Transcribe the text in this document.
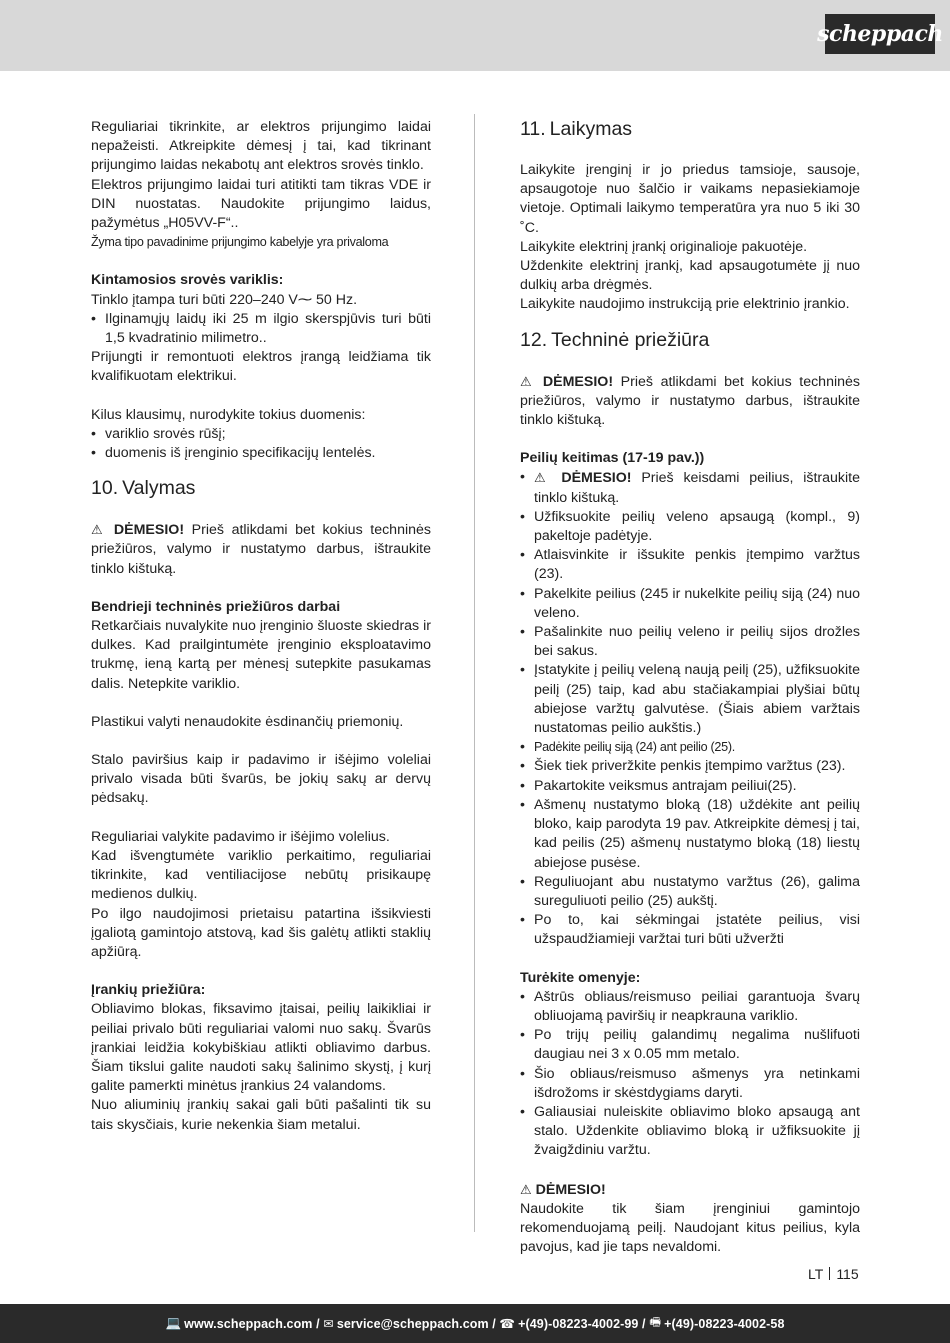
scheppach

Reguliariai tikrinkite, ar elektros prijungimo laidai nepažeisti. Atkreipkite dėmesį į tai, kad tikrinant prijungimo laidas nekabotų ant elektros srovės tinklo.

Elektros prijungimo laidai turi atitikti tam tikras VDE ir DIN nuostatas. Naudokite prijungimo laidus, pažymėtus „H05VV-F“..

Žyma tipo pavadinime prijungimo kabelyje yra privaloma

Kintamosios srovės variklis:

Tinklo įtampa turi būti 220–240 V⁓ 50 Hz.

• Ilginamųjų laidų iki 25 m ilgio skerspjūvis turi būti 1,5 kvadratinio milimetro..

Prijungti ir remontuoti elektros įrangą leidžiama tik kvalifikuotam elektrikui.

Kilus klausimų, nurodykite tokius duomenis:

• variklio srovės rūšį;
• duomenis iš įrenginio specifikacijų lentelės.
10. Valymas

⚠ DĖMESIO! Prieš atlikdami bet kokius techninės priežiūros, valymo ir nustatymo darbus, ištraukite tinklo kištuką.

Bendrieji techninės priežiūros darbai

Retkarčiais nuvalykite nuo įrenginio šluoste skiedras ir dulkes. Kad prailgintumėte įrenginio eksploatavimo trukmę, ieną kartą per mėnesį sutepkite pasukamas dalis. Netepkite variklio.

Plastikui valyti nenaudokite ėsdinančių priemonių.

Stalo paviršius kaip ir padavimo ir išėjimo voleliai privalo visada būti švarūs, be jokių sakų ar dervų pėdsakų.

Reguliariai valykite padavimo ir išėjimo volelius.

Kad išvengtumėte variklio perkaitimo, reguliariai tikrinkite, kad ventiliacijose nebūtų prisikaupę medienos dulkių.

Po ilgo naudojimosi prietaisu patartina išsikviesti įgaliotą gamintojo atstovą, kad šis galėtų atlikti staklių apžiūrą.

Įrankių priežiūra:

Obliavimo blokas, fiksavimo įtaisai, peilių laikikliai ir peiliai privalo būti reguliariai valomi nuo sakų. Švarūs įrankiai leidžia kokybiškiau atlikti obliavimo darbus. Šiam tikslui galite naudoti sakų šalinimo skystį, į kurį galite pamerkti minėtus įrankius 24 valandoms.

Nuo aliuminių įrankių sakai gali būti pašalinti tik su tais skysčiais, kurie nekenkia šiam metalui.

11. Laikymas

Laikykite įrenginį ir jo priedus tamsioje, sausoje, apsaugotoje nuo šalčio ir vaikams nepasiekiamoje vietoje. Optimali laikymo temperatūra yra nuo 5 iki 30 ˚C.

Laikykite elektrinį įrankį originalioje pakuotėje.

Uždenkite elektrinį įrankį, kad apsaugotumėte jį nuo dulkių arba drėgmės.

Laikykite naudojimo instrukciją prie elektrinio įrankio.

12. Techninė priežiūra

⚠ DĖMESIO! Prieš atlikdami bet kokius techninės priežiūros, valymo ir nustatymo darbus, ištraukite tinklo kištuką.

Peilių keitimas (17-19 pav.))

• ⚠ DĖMESIO! Prieš keisdami peilius, ištraukite tinklo kištuką.
• Užfiksuokite peilių veleno apsaugą (kompl., 9) pakeltoje padėtyje.
• Atlaisvinkite ir išsukite penkis įtempimo varžtus (23).
• Pakelkite peilius (245 ir nukelkite peilių siją (24) nuo veleno.
• Pašalinkite nuo peilių veleno ir peilių sijos drožles bei sakus.
• Įstatykite į peilių veleną naują peilį (25), užfiksuokite peilį (25) taip, kad abu stačiakampiai plyšiai būtų abiejose varžtų galvutėse. (Šiais abiem varžtais nustatomas peilio aukštis.)
• Padėkite peilių siją (24) ant peilio (25).
• Šiek tiek priveržkite penkis įtempimo varžtus (23).
• Pakartokite veiksmus antrajam peiliui(25).
• Ašmenų nustatymo bloką (18) uždėkite ant peilių bloko, kaip parodyta 19 pav. Atkreipkite dėmesį į tai, kad peilis (25) ašmenų nustatymo bloką (18) liestų abiejose pusėse.
• Reguliuojant abu nustatymo varžtus (26), galima sureguliuoti peilio (25) aukštį.
• Po to, kai sėkmingai įstatėte peilius, visi užspaudžiamieji varžtai turi būti užveržti

Turėkite omenyje:

• Aštrūs obliaus/reismuso peiliai garantuoja švarų obliuojamą paviršių ir neapkrauna variklio.
• Po trijų peilių galandimų negalima nušlifuoti daugiau nei 3 x 0.05 mm metalo.
• Šio obliaus/reismuso ašmenys yra netinkami išdrožoms ir skėstdygiams daryti.
• Galiausiai nuleiskite obliavimo bloko apsaugą ant stalo. Uždenkite obliavimo bloką ir užfiksuokite jį žvaigždiniu varžtu.

⚠ DĖMESIO!

Naudokite tik šiam įrenginiui gamintojo rekomenduojamą peilį. Naudojant kitus peilius, kyla pavojus, kad jie taps nevaldomi.

LT 115
💻 www.scheppach.com / ✉ service@scheppach.com / ☎ +(49)-08223-4002-99 / 🖷 +(49)-08223-4002-58
